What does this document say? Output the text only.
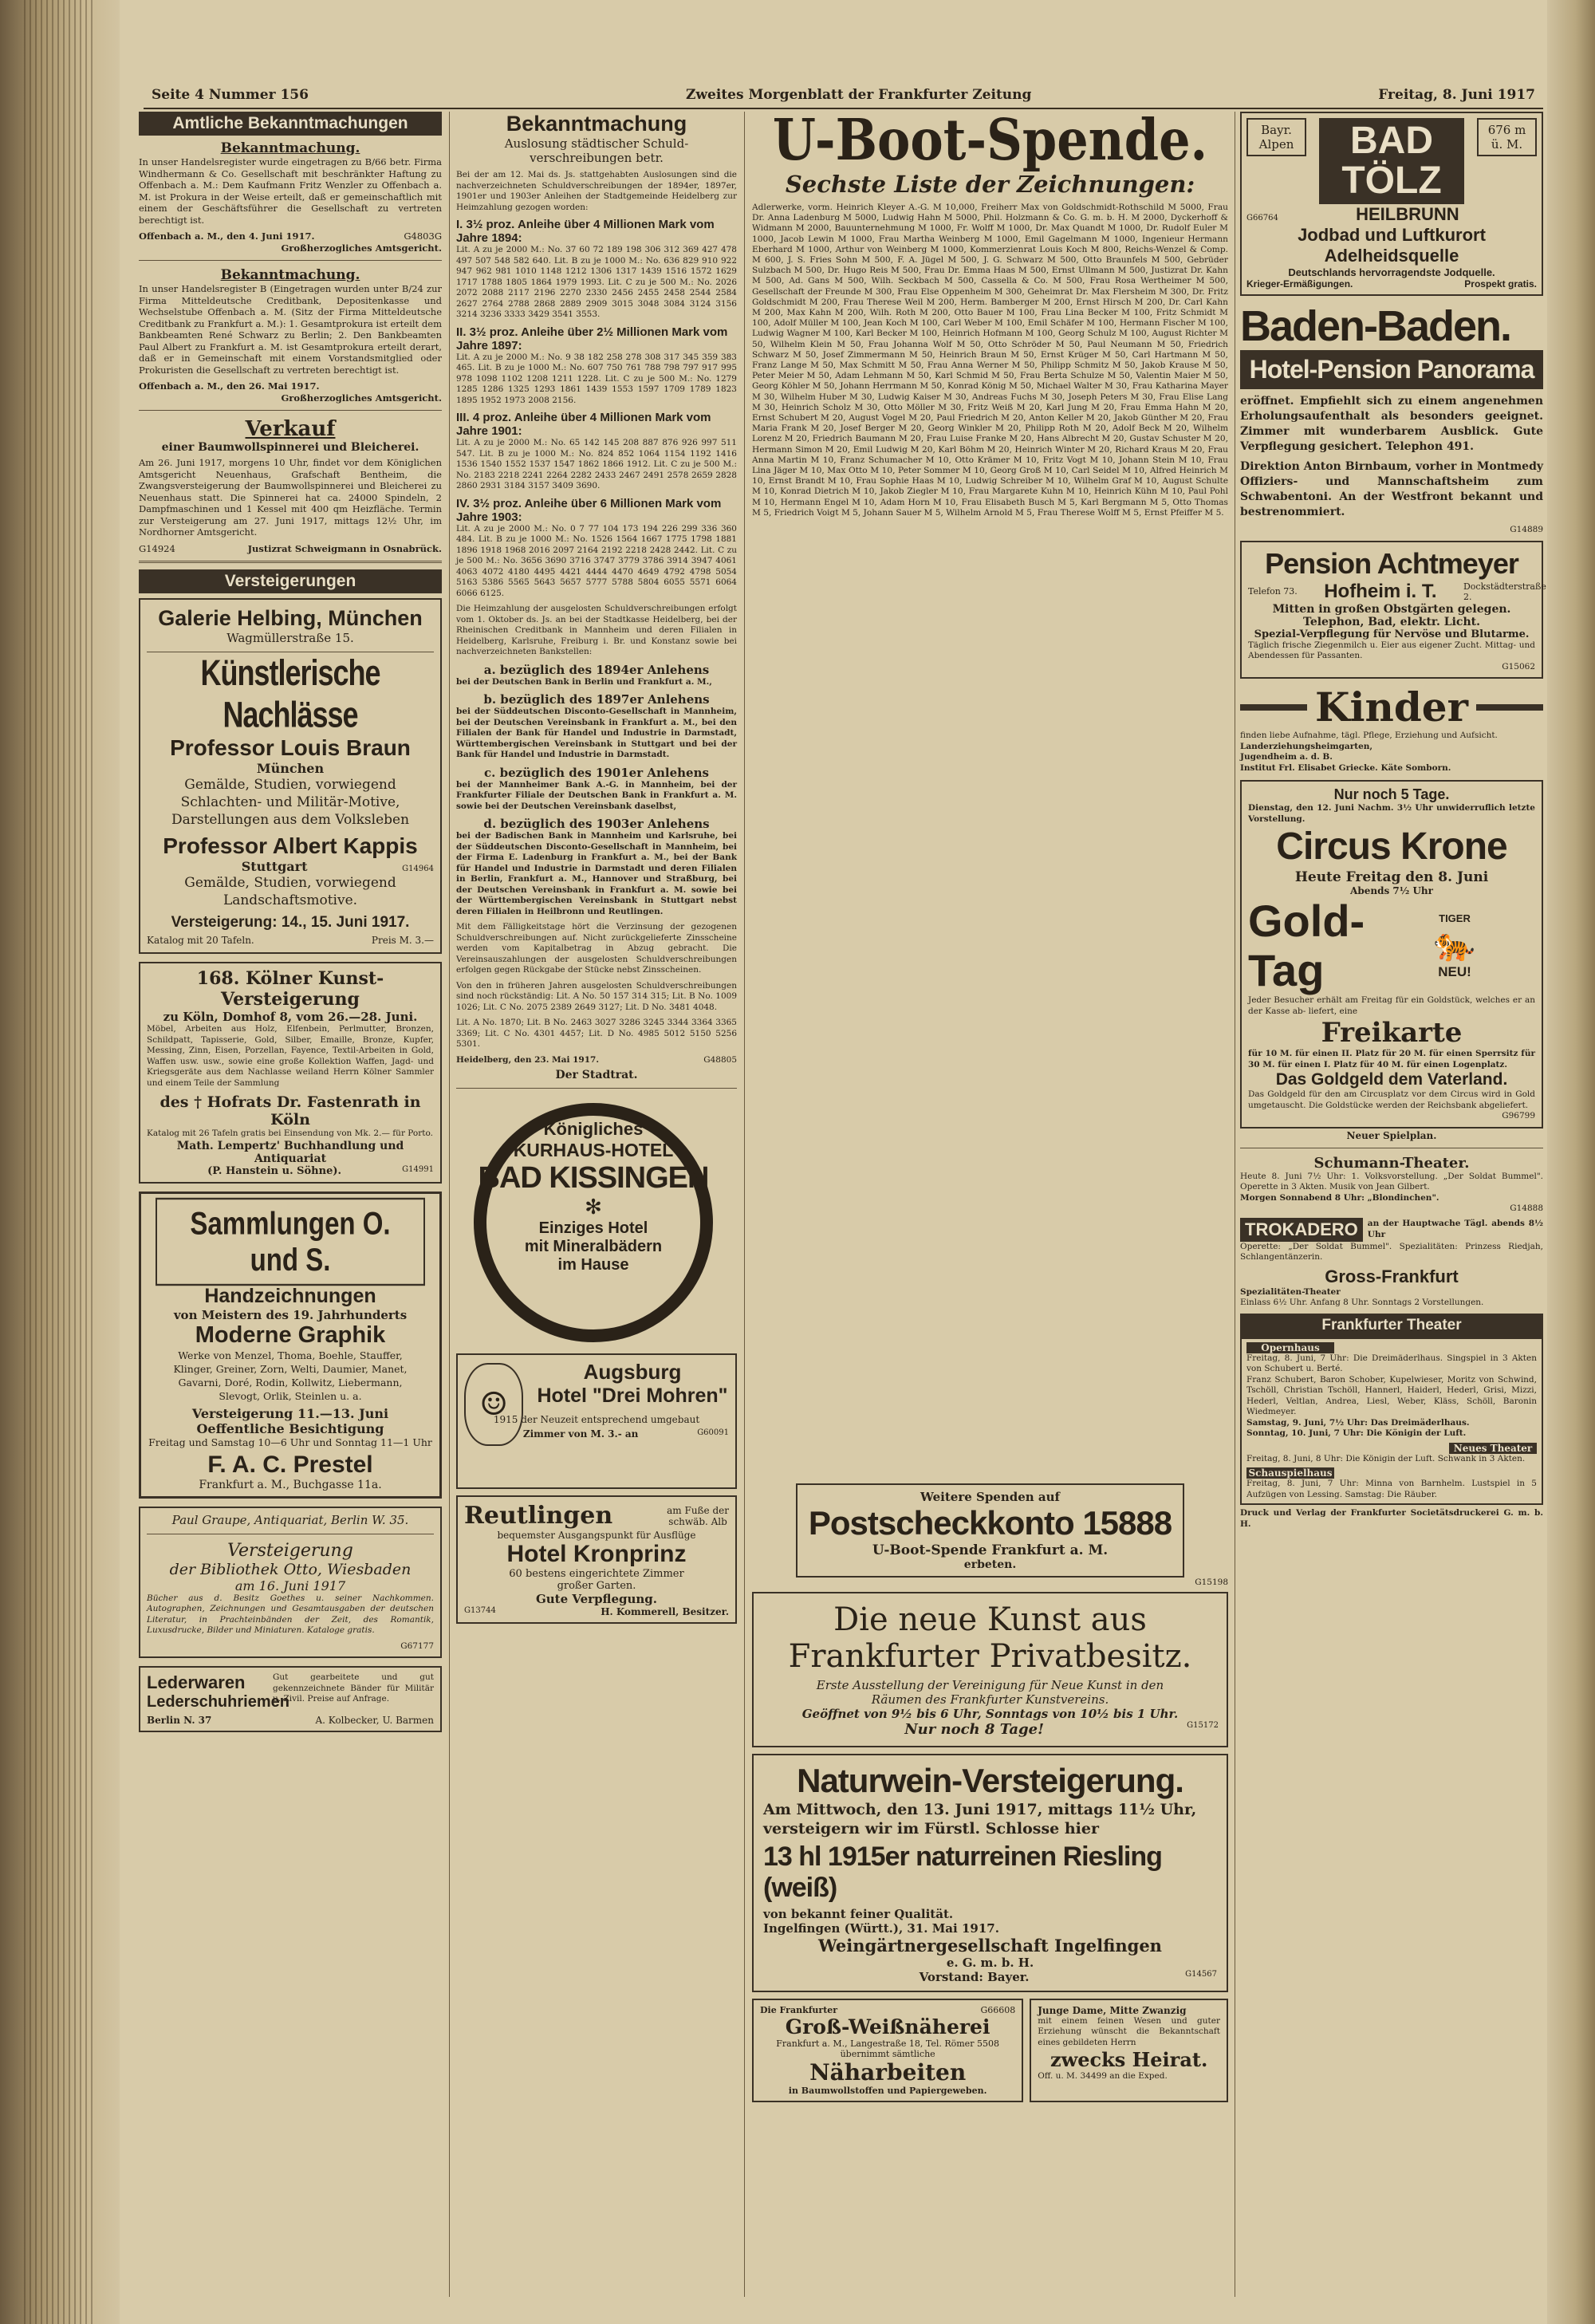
Seite 4 Nummer 156	Zweites Morgenblatt der Frankfurter Zeitung	Freitag, 8. Juni 1917
Amtliche Bekanntmachungen
Bekanntmachung.

In unser Handelsregister wurde eingetragen zu B/66 betr. Firma Windhermann & Co. Gesellschaft mit beschränkter Haftung zu Offenbach a. M.: Dem Kaufmann Fritz Wenzler zu Offenbach a. M. ist Prokura in der Weise erteilt, daß er gemeinschaftlich mit einem der Geschäftsführer die Gesellschaft zu vertreten berechtigt ist.

Offenbach a. M., den 4. Juni 1917.	G4803G
Großherzogliches Amtsgericht.
Bekanntmachung.

In unser Handelsregister B (Eingetragen wurden unter B/24 zur Firma Mitteldeutsche Creditbank, Depositenkasse und Wechselstube Offenbach a. M. (Sitz der Firma Mitteldeutsche Creditbank zu Frankfurt a. M.): 1. Gesamtprokura ist erteilt dem Bankbeamten René Schwarz zu Berlin; 2. Den Bankbeamten Paul Albert zu Frankfurt a. M. ist Gesamtprokura erteilt derart, daß er in Gemeinschaft mit einem Vorstandsmitglied oder Prokuristen die Gesellschaft zu vertreten berechtigt ist.

Offenbach a. M., den 26. Mai 1917.
Großherzogliches Amtsgericht.
Verkauf
einer Baumwollspinnerei und Bleicherei.

Am 26. Juni 1917, morgens 10 Uhr, findet vor dem Königlichen Amtsgericht Neuenhaus, Grafschaft Bentheim, die Zwangsversteigerung der Baumwollspinnerei und Bleicherei zu Neuenhaus statt. Die Spinnerei hat ca. 24000 Spindeln, 2 Dampfmaschinen und 1 Kessel mit 400 qm Heizfläche. Termin zur Versteigerung am 27. Juni 1917, mittags 12½ Uhr, im Nordhorner Amtsgericht.

G14924	Justizrat Schweigmann in Osnabrück.
Versteigerungen
Galerie Helbing, München
Wagmüllerstraße 15.
Künstlerische Nachlässe
Professor Louis Braun
München
Gemälde, Studien, vorwiegend Schlachten- und Militär-Motive, Darstellungen aus dem Volksleben
Professor Albert Kappis
Stuttgart	G14964
Gemälde, Studien, vorwiegend Landschaftsmotive.
Versteigerung: 14., 15. Juni 1917.
Katalog mit 20 Tafeln.	Preis M. 3.—
168. Kölner Kunst-Versteigerung
zu Köln, Domhof 8, vom 26.—28. Juni.

Möbel, Arbeiten aus Holz, Elfenbein, Perlmutter, Bronzen, Schildpatt, Tapisserie, Gold, Silber, Emaille, Bronze, Kupfer, Messing, Zinn, Eisen, Porzellan, Fayence, Textil-Arbeiten in Gold, Waffen usw. usw., sowie eine große Kollektion Waffen, Jagd- und Kriegsgeräte aus dem Nachlasse weiland Herrn Kölner Sammler und einem Teile der Sammlung

des † Hofrats Dr. Fastenrath in Köln
Katalog mit 26 Tafeln gratis bei Einsendung von Mk. 2.— für Porto.
Math. Lempertz' Buchhandlung und Antiquariat
(P. Hanstein u. Söhne).	G14991
Sammlungen O. und S.
Handzeichnungen
von Meistern des 19. Jahrhunderts
Moderne Graphik
Werke von Menzel, Thoma, Boehle, Stauffer, Klinger, Greiner, Zorn, Welti, Daumier, Manet, Gavarni, Doré, Rodin, Kollwitz, Liebermann, Slevogt, Orlik, Steinlen u. a.
Versteigerung 11.—13. Juni
Oeffentliche Besichtigung
Freitag und Samstag 10—6 Uhr und Sonntag 11—1 Uhr
F. A. C. Prestel
Frankfurt a. M., Buchgasse 11a.
Paul Graupe, Antiquariat, Berlin W. 35.
Versteigerung
der Bibliothek Otto, Wiesbaden
am 16. Juni 1917

Bücher aus d. Besitz Goethes u. seiner Nachkommen. Autographen, Zeichnungen und Gesamtausgaben der deutschen Literatur, in Prachteinbänden der Zeit, des Romantik, Luxusdrucke, Bilder und Miniaturen. Kataloge gratis.

G67177
Lederwaren
Lederschuhriemen
Gut gearbeitete und gut gekennzeichnete Bänder für Militär u. Zivil. Preise auf Anfrage.
Berlin N. 37	A. Kolbecker, U. Barmen
Bekanntmachung
Auslosung städtischer Schuld-
verschreibungen betr.

Bei der am 12. Mai ds. Js. stattgehabten Auslosungen sind die nachverzeichneten Schuldverschreibungen der 1894er, 1897er, 1901er und 1903er Anleihen der Stadtgemeinde Heidelberg zur Heimzahlung gezogen worden:

I. 3½ proz. Anleihe über 4 Millionen Mark vom Jahre 1894:

Lit. A zu je 2000 M.: No. 37 60 72 189 198 306 312 369 427 478 497 507 548 582 640. Lit. B zu je 1000 M.: No. 636 829 910 922 947 962 981 1010 1148 1212 1306 1317 1439 1516 1572 1629 1717 1788 1805 1864 1979 1993. Lit. C zu je 500 M.: No. 2026 2072 2088 2117 2196 2270 2330 2456 2455 2458 2544 2584 2627 2764 2788 2868 2889 2909 3015 3048 3084 3124 3156 3214 3236 3333 3429 3541 3553.

II. 3½ proz. Anleihe über 2½ Millionen Mark vom Jahre 1897:

Lit. A zu je 2000 M.: No. 9 38 182 258 278 308 317 345 359 383 465. Lit. B zu je 1000 M.: No. 607 750 761 788 798 797 917 995 978 1098 1102 1208 1211 1228. Lit. C zu je 500 M.: No. 1279 1285 1286 1325 1293 1861 1439 1553 1597 1709 1789 1823 1895 1952 1973 2008 2156.

III. 4 proz. Anleihe über 4 Millionen Mark vom Jahre 1901:

Lit. A zu je 2000 M.: No. 65 142 145 208 887 876 926 997 511 547. Lit. B zu je 1000 M.: No. 824 852 1064 1154 1192 1416 1536 1540 1552 1537 1547 1862 1866 1912. Lit. C zu je 500 M.: No. 2183 2218 2241 2264 2282 2433 2467 2491 2578 2659 2828 2860 2931 3184 3157 3409 3690.

IV. 3½ proz. Anleihe über 6 Millionen Mark vom Jahre 1903:

Lit. A zu je 2000 M.: No. 0 7 77 104 173 194 226 299 336 360 484. Lit. B zu je 1000 M.: No. 1526 1564 1667 1775 1798 1881 1896 1918 1968 2016 2097 2164 2192 2218 2428 2442. Lit. C zu je 500 M.: No. 3656 3690 3716 3747 3779 3786 3914 3947 4061 4063 4072 4180 4495 4421 4444 4470 4649 4792 4798 5054 5163 5386 5565 5643 5657 5777 5788 5804 6055 5571 6064 6066 6125.

Die Heimzahlung der ausgelosten Schuldverschreibungen erfolgt vom 1. Oktober ds. Js. an bei der Stadtkasse Heidelberg, bei der Rheinischen Creditbank in Mannheim und deren Filialen in Heidelberg, Karlsruhe, Freiburg i. Br. und Konstanz sowie bei nachverzeichneten Bankstellen:

a. bezüglich des 1894er Anlehens

bei der Deutschen Bank in Berlin und Frankfurt a. M.,

b. bezüglich des 1897er Anlehens

bei der Süddeutschen Disconto-Gesellschaft in Mannheim, bei der Deutschen Vereinsbank in Frankfurt a. M., bei den Filialen der Bank für Handel und Industrie in Darmstadt, Württembergischen Vereinsbank in Stuttgart und bei der Bank für Handel und Industrie in Darmstadt.

c. bezüglich des 1901er Anlehens

bei der Mannheimer Bank A.-G. in Mannheim, bei der Frankfurter Filiale der Deutschen Bank in Frankfurt a. M. sowie bei der Deutschen Vereinsbank daselbst,

d. bezüglich des 1903er Anlehens

bei der Badischen Bank in Mannheim und Karlsruhe, bei der Süddeutschen Disconto-Gesellschaft in Mannheim, bei der Firma E. Ladenburg in Frankfurt a. M., bei der Bank für Handel und Industrie in Darmstadt und deren Filialen in Berlin, Frankfurt a. M., Hannover und Straßburg, bei der Deutschen Vereinsbank in Frankfurt a. M. sowie bei der Württembergischen Vereinsbank in Stuttgart nebst deren Filialen in Heilbronn und Reutlingen.

Mit dem Fälligkeitstage hört die Verzinsung der gezogenen Schuldverschreibungen auf. Nicht zurückgelieferte Zinsscheine werden vom Kapitalbetrag in Abzug gebracht. Die Vereinsauszahlungen der ausgelosten Schuldverschreibungen erfolgen gegen Rückgabe der Stücke nebst Zinsscheinen.

Von den in früheren Jahren ausgelosten Schuldverschreibungen sind noch rückständig: Lit. A No. 50 157 314 315; Lit. B No. 1009 1026; Lit. C No. 2075 2389 2649 3127; Lit. D No. 3481 4048.

Lit. A No. 1870; Lit. B No. 2463 3027 3286 3245 3344 3364 3365 3369; Lit. C No. 4301 4457; Lit. D No. 4985 5012 5150 5256 5301.

Heidelberg, den 23. Mai 1917.	G48805
Der Stadtrat.
Königliches
KURHAUS-HOTEL
BAD KISSINGEN
✻
Einziges Hotel
mit Mineralbädern
im Hause
☺
Augsburg
Hotel "Drei Mohren"
1915 der Neuzeit entsprechend umgebaut
Zimmer von M. 3.- an	G60091
Reutlingen	am Fuße der
schwäb. Alb
bequemster Ausgangspunkt für Ausflüge
Hotel Kronprinz
60 bestens eingerichtete Zimmer
großer Garten.
Gute Verpflegung.
G13744	H. Kommerell, Besitzer.
U-Boot-Spende.
Sechste Liste der Zeichnungen:

Adlerwerke, vorm. Heinrich Kleyer A.-G. M 10,000, Freiherr Max von Goldschmidt-Rothschild M 5000, Frau Dr. Anna Ladenburg M 5000, Ludwig Hahn M 5000, Phil. Holzmann & Co. G. m. b. H. M 2000, Dyckerhoff & Widmann M 2000, Bauunternehmung M 1000, Fr. Wolff M 1000, Dr. Max Quandt M 1000, Dr. Rudolf Euler M 1000, Jacob Lewin M 1000, Frau Martha Weinberg M 1000, Emil Gagelmann M 1000, Ingenieur Hermann Eberhard M 1000, Arthur von Weinberg M 1000, Kommerzienrat Louis Koch M 800, Reichs-Wenzel & Comp. M 600, J. S. Fries Sohn M 500, F. A. Jügel M 500, J. G. Schwarz M 500, Otto Braunfels M 500, Gebrüder Sulzbach M 500, Dr. Hugo Reis M 500, Frau Dr. Emma Haas M 500, Ernst Ullmann M 500, Justizrat Dr. Kahn M 500, Ad. Gans M 500, Wilh. Seckbach M 500, Cassella & Co. M 500, Frau Rosa Wertheimer M 500, Gesellschaft der Freunde M 300, Frau Else Oppenheim M 300, Geheimrat Dr. Max Flersheim M 300, Dr. Fritz Goldschmidt M 200, Frau Therese Weil M 200, Herm. Bamberger M 200, Ernst Hirsch M 200, Dr. Carl Kahn M 200, Max Kahn M 200, Wilh. Roth M 200, Otto Bauer M 100, Frau Lina Becker M 100, Fritz Schmidt M 100, Adolf Müller M 100, Jean Koch M 100, Carl Weber M 100, Emil Schäfer M 100, Hermann Fischer M 100, Ludwig Wagner M 100, Karl Becker M 100, Heinrich Hofmann M 100, Georg Schulz M 100, August Richter M 50, Wilhelm Klein M 50, Frau Johanna Wolf M 50, Otto Schröder M 50, Paul Neumann M 50, Friedrich Schwarz M 50, Josef Zimmermann M 50, Heinrich Braun M 50, Ernst Krüger M 50, Carl Hartmann M 50, Franz Lange M 50, Max Schmitt M 50, Frau Anna Werner M 50, Philipp Schmitz M 50, Jakob Krause M 50, Peter Meier M 50, Adam Lehmann M 50, Karl Schmid M 50, Frau Berta Schulze M 50, Valentin Maier M 50, Georg Köhler M 50, Johann Herrmann M 50, Konrad König M 50, Michael Walter M 30, Frau Katharina Mayer M 30, Wilhelm Huber M 30, Ludwig Kaiser M 30, Andreas Fuchs M 30, Joseph Peters M 30, Frau Elise Lang M 30, Heinrich Scholz M 30, Otto Möller M 30, Fritz Weiß M 20, Karl Jung M 20, Frau Emma Hahn M 20, Ernst Schubert M 20, August Vogel M 20, Paul Friedrich M 20, Anton Keller M 20, Jakob Günther M 20, Frau Maria Frank M 20, Josef Berger M 20, Georg Winkler M 20, Philipp Roth M 20, Adolf Beck M 20, Wilhelm Lorenz M 20, Friedrich Baumann M 20, Frau Luise Franke M 20, Hans Albrecht M 20, Gustav Schuster M 20, Hermann Simon M 20, Emil Ludwig M 20, Karl Böhm M 20, Heinrich Winter M 20, Richard Kraus M 20, Frau Anna Martin M 10, Franz Schumacher M 10, Otto Krämer M 10, Fritz Vogt M 10, Johann Stein M 10, Frau Lina Jäger M 10, Max Otto M 10, Peter Sommer M 10, Georg Groß M 10, Carl Seidel M 10, Alfred Heinrich M 10, Ernst Brandt M 10, Frau Sophie Haas M 10, Ludwig Schreiber M 10, Wilhelm Graf M 10, August Schulte M 10, Konrad Dietrich M 10, Jakob Ziegler M 10, Frau Margarete Kuhn M 10, Heinrich Kühn M 10, Paul Pohl M 10, Hermann Engel M 10, Adam Horn M 10, Frau Elisabeth Busch M 5, Karl Bergmann M 5, Otto Thomas M 5, Friedrich Voigt M 5, Johann Sauer M 5, Wilhelm Arnold M 5, Frau Therese Wolff M 5, Ernst Pfeiffer M 5.

Weitere Spenden auf
Postscheckkonto 15888
U-Boot-Spende Frankfurt a. M.
erbeten.
G15198
Die neue Kunst aus
Frankfurter Privatbesitz.
Erste Ausstellung der Vereinigung für Neue Kunst in den Räumen des Frankfurter Kunstvereins.
Geöffnet von 9½ bis 6 Uhr, Sonntags von 10½ bis 1 Uhr.
Nur noch 8 Tage!	G15172
Naturwein-Versteigerung.
Am Mittwoch, den 13. Juni 1917, mittags 11½ Uhr, versteigern wir im Fürstl. Schlosse hier
13 hl 1915er naturreinen Riesling (weiß)
von bekannt feiner Qualität.
Ingelfingen (Württ.), 31. Mai 1917.
Weingärtnergesellschaft Ingelfingen
e. G. m. b. H.
Vorstand: Bayer.	G14567
Die Frankfurter	G66608
Groß-Weißnäherei
Frankfurt a. M., Langestraße 18, Tel. Römer 5508
übernimmt sämtliche
Näharbeiten
in Baumwollstoffen und Papiergeweben.
Junge Dame, Mitte Zwanzig
mit einem feinen Wesen und guter Erziehung wünscht die Bekanntschaft eines gebildeten Herrn
zwecks Heirat.
Off. u. M. 34499 an die Exped.
Bayr.
Alpen	BAD TÖLZ
676 m ü. M.
G66764	HEILBRUNN
Jodbad und Luftkurort
Adelheidsquelle
Deutschlands hervorragendste Jodquelle.
Krieger-Ermäßigungen.	Prospekt gratis.
Baden-Baden.
Hotel-Pension Panorama

eröffnet. Empfiehlt sich zu einem angenehmen Erholungsaufenthalt als besonders geeignet. Zimmer mit wunderbarem Ausblick. Gute Verpflegung gesichert. Telephon 491.

Direktion Anton Birnbaum, vorher in Montmedy Offiziers- und Mannschaftsheim zum Schwabentoni. An der Westfront bekannt und bestrenommiert.

G14889
Pension Achtmeyer
Telefon 73. Hofheim i. T.	Dockstädterstraße 2.
Mitten in großen Obstgärten gelegen. Telephon, Bad, elektr. Licht.
Spezial-Verpflegung für Nervöse und Blutarme.
Täglich frische Ziegenmilch u. Eier aus eigener Zucht. Mittag- und Abendessen für Passanten.
G15062
Kinder
finden liebe Aufnahme, tägl. Pflege, Erziehung und Aufsicht.
Landerziehungsheimgarten,
Jugendheim a. d. B.
Institut Frl. Elisabet Griecke. Käte Somborn.
Nur noch 5 Tage.
Dienstag, den 12. Juni Nachm. 3½ Uhr unwiderruflich letzte Vorstellung.
Circus Krone
Heute Freitag den 8. Juni
Abends 7½ Uhr
Gold-Tag
TIGER
🐅
NEU!
Jeder Besucher erhält am Freitag für ein Goldstück, welches er an der Kasse ab- liefert, eine
Freikarte
für 10 M. für einen II. Platz für 20 M. für einen Sperrsitz für 30 M. für einen I. Platz für 40 M. für einen Logenplatz.
Das Goldgeld dem Vaterland.
Das Goldgeld für den am Circusplatz vor dem Circus wird in Gold umgetauscht. Die Goldstücke werden der Reichsbank abgeliefert.
G96799
Neuer Spielplan.
Schumann-Theater.
Heute 8. Juni 7½ Uhr: 1. Volksvorstellung. „Der Soldat Bummel". Operette in 3 Akten. Musik von Jean Gilbert.
Morgen Sonnabend 8 Uhr: „Blondinchen".
G14888
TROKADERO	an der Hauptwache Tägl. abends 8½ Uhr
Operette: „Der Soldat Bummel". Spezialitäten: Prinzess Riedjah, Schlangentänzerin.
Gross-Frankfurt
Spezialitäten-Theater
Einlass 6½ Uhr. Anfang 8 Uhr. Sonntags 2 Vorstellungen.
Frankfurter Theater
Opernhaus
Freitag, 8. Juni, 7 Uhr: Die Dreimäderlhaus. Singspiel in 3 Akten von Schubert u. Berté.
Franz Schubert, Baron Schober, Kupelwieser, Moritz von Schwind, Tschöll, Christian Tschöll, Hannerl, Haiderl, Hederl, Grisi, Mizzi, Hederl, Veltlan, Andrea, Liesl, Weber, Kläss, Schöll, Baronin Wiedmeyer.
Samstag, 9. Juni, 7½ Uhr: Das Dreimäderlhaus.
Sonntag, 10. Juni, 7 Uhr: Die Königin der Luft.
Neues Theater
Freitag, 8. Juni, 8 Uhr: Die Königin der Luft. Schwank in 3 Akten.
Schauspielhaus
Freitag, 8. Juni, 7 Uhr: Minna von Barnhelm. Lustspiel in 5 Aufzügen von Lessing. Samstag: Die Räuber.
Druck und Verlag der Frankfurter Societätsdruckerei G. m. b. H.
